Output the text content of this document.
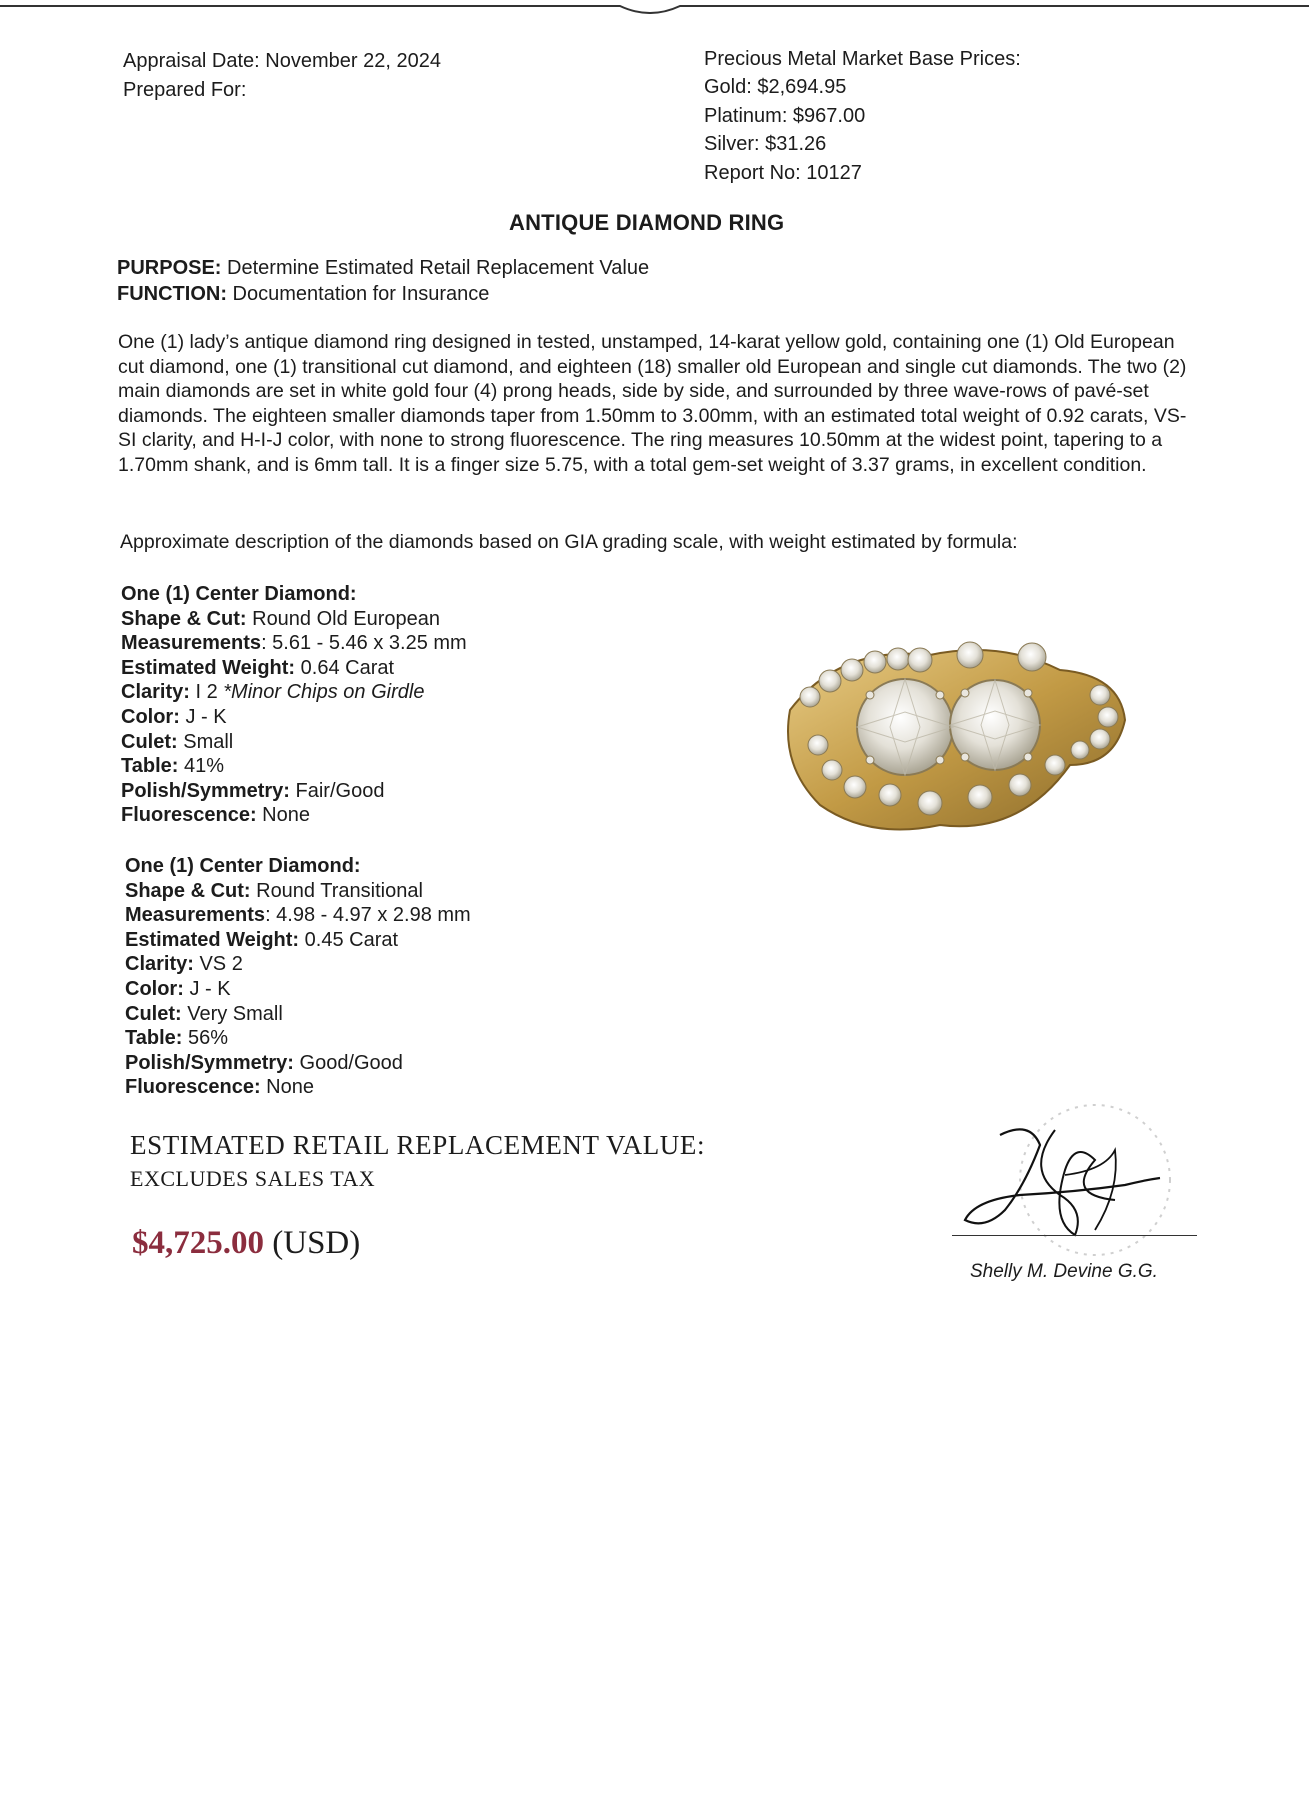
Appraisal Date: November 22, 2024
Prepared For:
Precious Metal Market Base Prices:
Gold: $2,694.95
Platinum: $967.00
Silver: $31.26
Report No: 10127
ANTIQUE DIAMOND RING
PURPOSE: Determine Estimated Retail Replacement Value
FUNCTION: Documentation for Insurance
One (1) lady’s antique diamond ring designed in tested, unstamped, 14-karat yellow gold, containing one (1) Old European cut diamond, one (1) transitional cut diamond, and eighteen (18) smaller old European and single cut diamonds. The two (2) main diamonds are set in white gold four (4) prong heads, side by side, and surrounded by three wave-rows of pavé-set diamonds. The eighteen smaller diamonds taper from 1.50mm to 3.00mm, with an estimated total weight of 0.92 carats, VS-SI clarity, and H-I-J color, with none to strong fluorescence. The ring measures 10.50mm at the widest point, tapering to a 1.70mm shank, and is 6mm tall. It is a finger size 5.75, with a total gem-set weight of 3.37 grams, in excellent condition.
Approximate description of the diamonds based on GIA grading scale, with weight estimated by formula:
One (1) Center Diamond:
Shape & Cut: Round Old European
Measurements: 5.61 - 5.46 x 3.25 mm
Estimated Weight: 0.64 Carat
Clarity: I 2 *Minor Chips on Girdle
Color: J - K
Culet: Small
Table: 41%
Polish/Symmetry: Fair/Good
Fluorescence: None
One (1) Center Diamond:
Shape & Cut: Round Transitional
Measurements: 4.98 - 4.97 x 2.98 mm
Estimated Weight: 0.45 Carat
Clarity: VS 2
Color: J - K
Culet: Very Small
Table: 56%
Polish/Symmetry: Good/Good
Fluorescence: None
ESTIMATED RETAIL REPLACEMENT VALUE:
EXCLUDES SALES TAX
$4,725.00 (USD)
Shelly M. Devine G.G.
